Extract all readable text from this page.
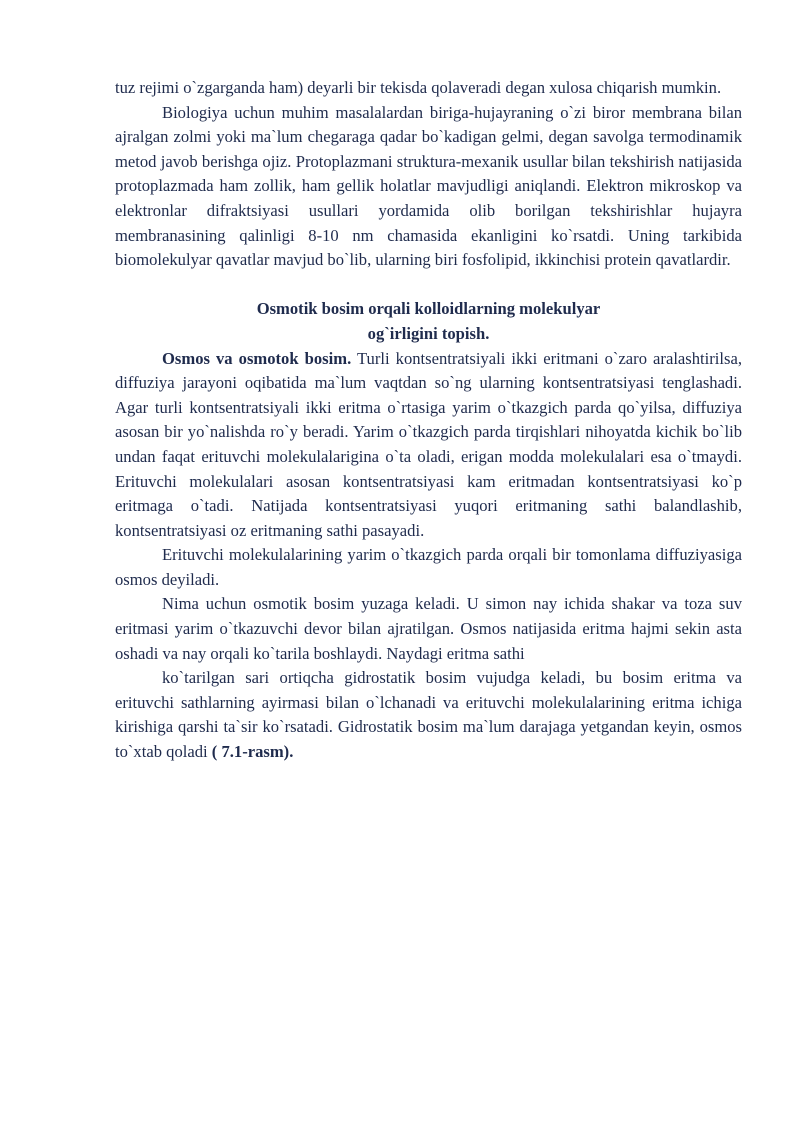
tuz rejimi o`zgarganda ham) deyarli bir tekisda qolaveradi degan xulosa chiqarish mumkin.

Biologiya uchun muhim masalalardan biriga-hujayraning o`zi biror membrana bilan ajralgan zolmi yoki ma`lum chegaraga qadar bo`kadigan gelmi, degan savolga termodinamik metod javob berishga ojiz. Protoplazmani struktura-mexanik usullar bilan tekshirish natijasida protoplazmada ham zollik, ham gellik holatlar mavjudligi aniqlandi. Elektron mikroskop va elektronlar difraktsiyasi usullari yordamida olib borilgan tekshirishlar hujayra membranasining qalinligi 8-10 nm chamasida ekanligini ko`rsatdi. Uning tarkibida biomolekulyar qavatlar mavjud bo`lib, ularning biri fosfolipid, ikkinchisi protein qavatlardir.

Osmotik bosim orqali kolloidlarning molekulyar

og`irligini topish.

Osmos va osmotok bosim. Turli kontsentratsiyali ikki eritmani o`zaro aralashtirilsa, diffuziya jarayoni oqibatida ma`lum vaqtdan so`ng ularning kontsentratsiyasi tenglashadi. Agar turli kontsentratsiyali ikki eritma o`rtasiga yarim o`tkazgich parda qo`yilsa, diffuziya asosan bir yo`nalishda ro`y beradi. Yarim o`tkazgich parda tirqishlari nihoyatda kichik bo`lib undan faqat erituvchi molekulalarigina o`ta oladi, erigan modda molekulalari esa o`tmaydi. Erituvchi molekulalari asosan kontsentratsiyasi kam eritmadan kontsentratsiyasi ko`p eritmaga o`tadi. Natijada kontsentratsiyasi yuqori eritmaning sathi balandlashib, kontsentratsiyasi oz eritmaning sathi pasayadi.

Erituvchi molekulalarining yarim o`tkazgich parda orqali bir tomonlama diffuziyasiga osmos deyiladi.

Nima uchun osmotik bosim yuzaga keladi. U simon nay ichida shakar va toza suv eritmasi yarim o`tkazuvchi devor bilan ajratilgan. Osmos natijasida eritma hajmi sekin asta oshadi va nay orqali ko`tarila boshlaydi. Naydagi eritma sathi

ko`tarilgan sari ortiqcha gidrostatik bosim vujudga keladi, bu bosim eritma va erituvchi sathlarning ayirmasi bilan o`lchanadi va erituvchi molekulalarining eritma ichiga kirishiga qarshi ta`sir ko`rsatadi. Gidrostatik bosim ma`lum darajaga yetgandan keyin, osmos to`xtab qoladi ( 7.1-rasm).
